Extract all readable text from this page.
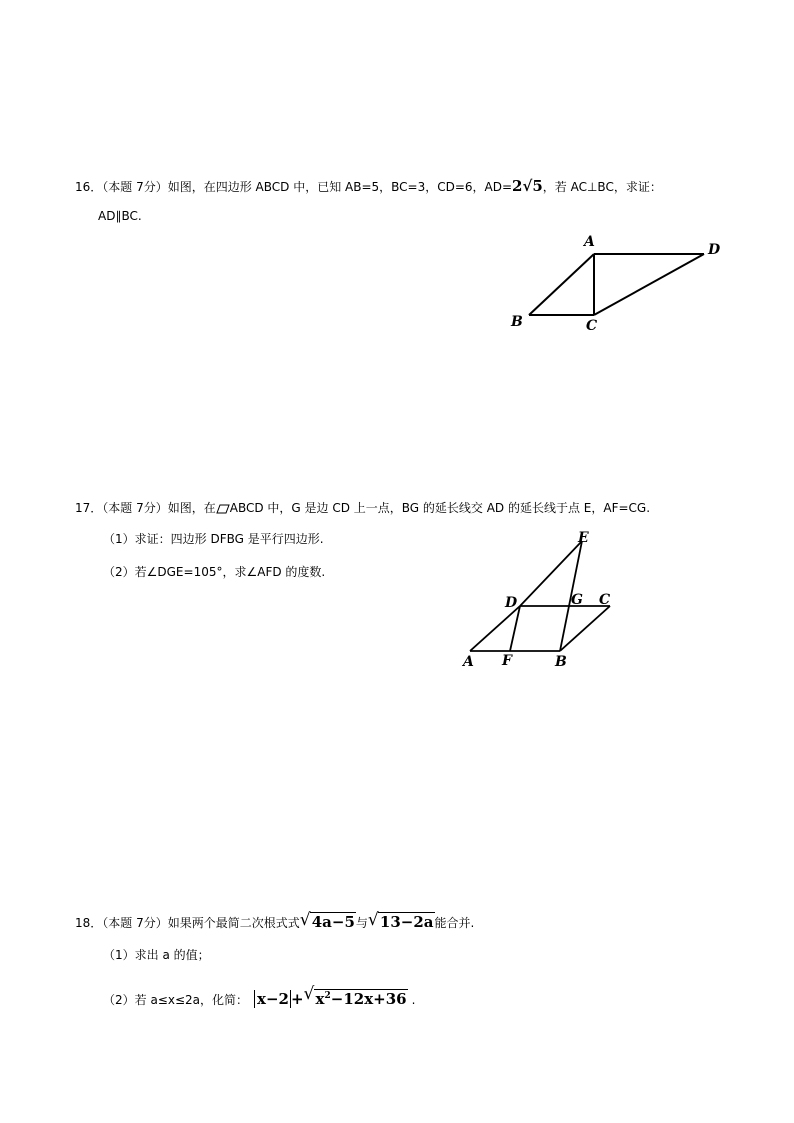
16．（本题 7分）如图，在四边形 ABCD 中，已知 AB=5，BC=3，CD=6，AD=2√5，若 AC⊥BC，求证：
AD∥BC.
A	D
B	C
17．（本题 7分）如图，在 ABCD 中，G 是边 CD 上一点，BG 的延长线交 AD 的延长线于点 E，AF=CG.
（1）求证：四边形 DFBG 是平行四边形.
（2）若∠DGE=105°，求∠AFD 的度数.
A F	B
D	G C
E
18．（本题 7分）如果两个最简二次根式式 √ 4a−5与 √ 13−2a能合并.
（1）求出 a 的值；
（2）若 a≤x≤2a，化简： x−2 + √ $x^2-12x+36$ .
